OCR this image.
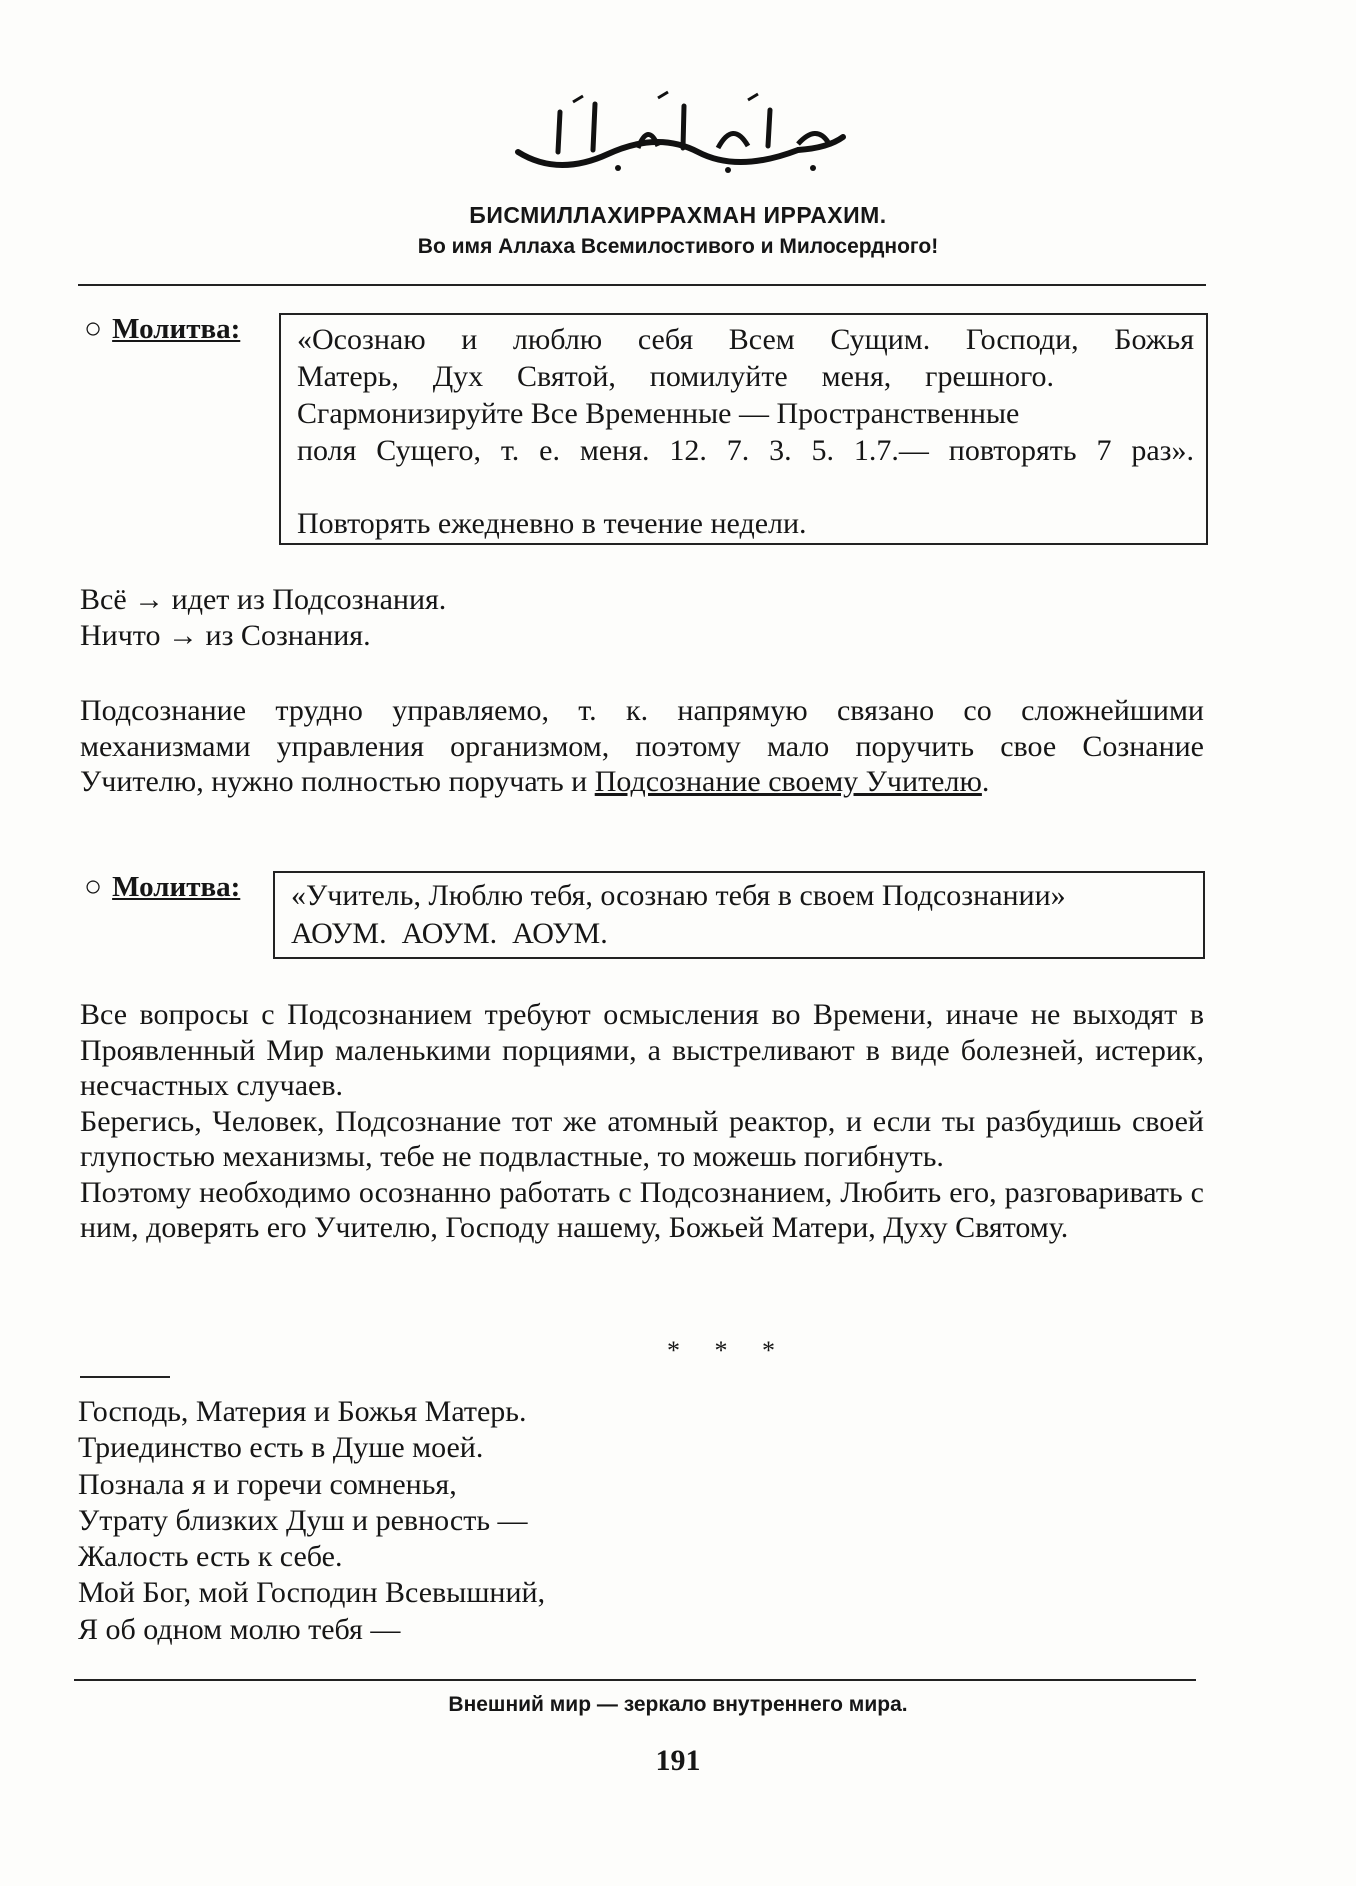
БИСМИЛЛАХИРРАХМАН ИРРАХИМ.
Во имя Аллаха Всемилостивого и Милосердного!
○ Молитва: «Осознаю и люблю себя Всем Сущим. Господи, Божья

Матерь, Дух Святой, помилуйте меня, грешного.

Сгармонизируйте Все Временные — Пространственные

поля Сущего, т. е. меня. 12. 7. 3. 5. 1.7.— повторять 7 раз».

Повторять ежедневно в течение недели.

Всё → идет из Подсознания.

Ничто → из Сознания.

Подсознание трудно управляемо, т. к. напрямую связано со сложнейшими механизмами управления организмом, поэтому мало поручить свое Сознание Учителю, нужно полностью поручать и Подсознание своему Учителю.

○ Молитва: «Учитель, Люблю тебя, осознаю тебя в своем Подсознании»

АОУМ.  АОУМ.  АОУМ.

Все вопросы с Подсознанием требуют осмысления во Времени, иначе не выходят в Проявленный Мир маленькими порциями, а выстреливают в виде болезней, истерик, несчастных случаев.

Берегись, Человек, Подсознание тот же атомный реактор, и если ты разбудишь своей глупостью механизмы, тебе не подвластные, то можешь погибнуть.

Поэтому необходимо осознанно работать с Подсознанием, Любить его, разговаривать с ним, доверять его Учителю, Господу нашему, Божьей Матери, Духу Святому.

* * *
Господь, Материя и Божья Матерь.
Триединство есть в Душе моей.
Познала я и горечи сомненья,
Утрату близких Душ и ревность —
Жалость есть к себе.
Мой Бог, мой Господин Всевышний,
Я об одном молю тебя —
Внешний мир — зеркало внутреннего мира.
191
